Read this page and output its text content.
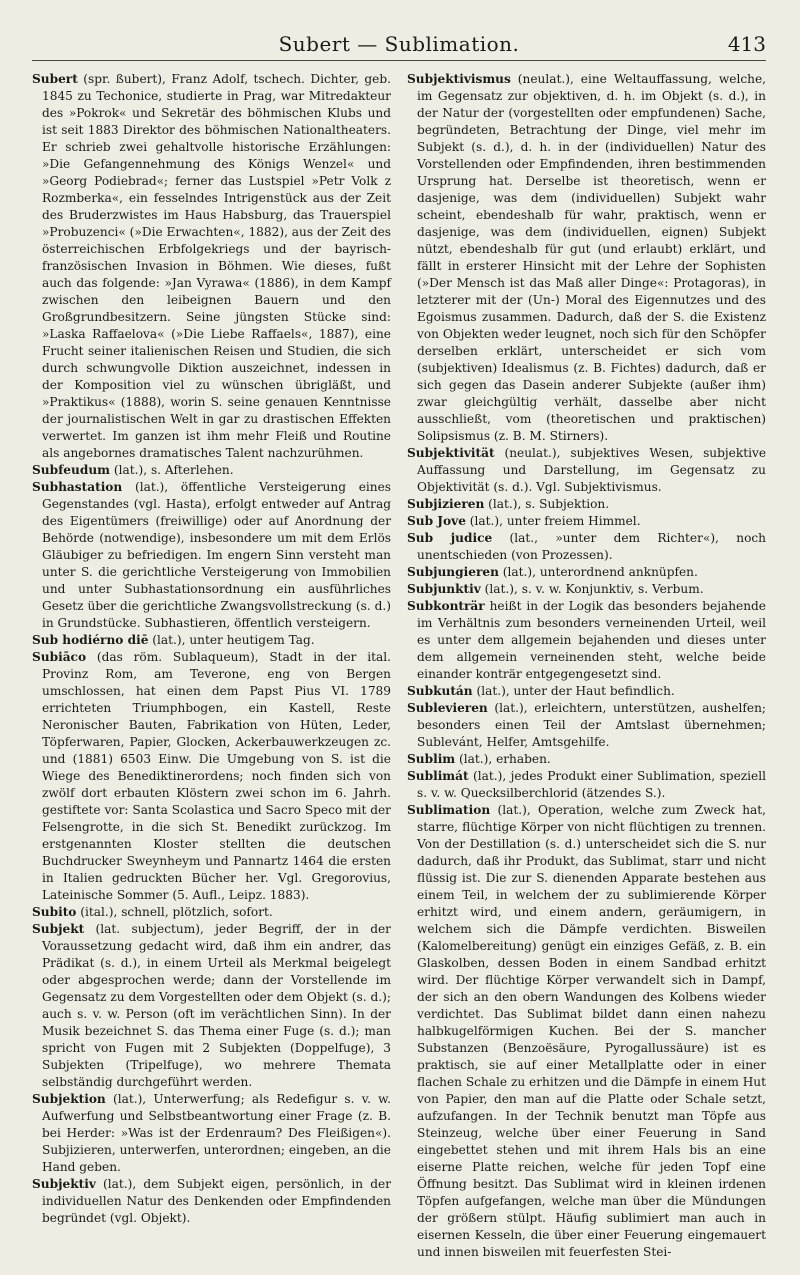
Subert — Sublimation.	413

Subert (spr. ßubert), Franz Adolf, tschech. Dichter, geb. 1845 zu Techonice, studierte in Prag, war Mitredakteur des »Pokrok« und Sekretär des böhmischen Klubs und ist seit 1883 Direktor des böhmischen Nationaltheaters. Er schrieb zwei gehaltvolle historische Erzählungen: »Die Gefangennehmung des Königs Wenzel« und »Georg Podiebrad«; ferner das Lustspiel »Petr Volk z Rozmberka«, ein fesselndes Intrigenstück aus der Zeit des Bruderzwistes im Haus Habsburg, das Trauerspiel »Probuzenci« (»Die Erwachten«, 1882), aus der Zeit des österreichischen Erbfolgekriegs und der bayrisch-französischen Invasion in Böhmen. Wie dieses, fußt auch das folgende: »Jan Vyrawa« (1886), in dem Kampf zwischen den leibeignen Bauern und den Großgrundbesitzern. Seine jüngsten Stücke sind: »Laska Raffaelova« (»Die Liebe Raffaels«, 1887), eine Frucht seiner italienischen Reisen und Studien, die sich durch schwungvolle Diktion auszeichnet, indessen in der Komposition viel zu wünschen übrigläßt, und »Praktikus« (1888), worin S. seine genauen Kenntnisse der journalistischen Welt in gar zu drastischen Effekten verwertet. Im ganzen ist ihm mehr Fleiß und Routine als angebornes dramatisches Talent nachzurühmen.

Subfeudum (lat.), s. Afterlehen.

Subhastation (lat.), öffentliche Versteigerung eines Gegenstandes (vgl. Hasta), erfolgt entweder auf Antrag des Eigentümers (freiwillige) oder auf Anordnung der Behörde (notwendige), insbesondere um mit dem Erlös Gläubiger zu befriedigen. Im engern Sinn versteht man unter S. die gerichtliche Versteigerung von Immobilien und unter Subhastationsordnung ein ausführliches Gesetz über die gerichtliche Zwangsvollstreckung (s. d.) in Grundstücke. Subhastieren, öffentlich versteigern.

Sub hodiérno diē (lat.), unter heutigem Tag.

Subiāco (das röm. Sublaqueum), Stadt in der ital. Provinz Rom, am Teverone, eng von Bergen umschlossen, hat einen dem Papst Pius VI. 1789 errichteten Triumphbogen, ein Kastell, Reste Neronischer Bauten, Fabrikation von Hüten, Leder, Töpferwaren, Papier, Glocken, Ackerbauwerkzeugen zc. und (1881) 6503 Einw. Die Umgebung von S. ist die Wiege des Benediktinerordens; noch finden sich von zwölf dort erbauten Klöstern zwei schon im 6. Jahrh. gestiftete vor: Santa Scolastica und Sacro Speco mit der Felsengrotte, in die sich St. Benedikt zurückzog. Im erstgenannten Kloster stellten die deutschen Buchdrucker Sweynheym und Pannartz 1464 die ersten in Italien gedruckten Bücher her. Vgl. Gregorovius, Lateinische Sommer (5. Aufl., Leipz. 1883).

Subito (ital.), schnell, plötzlich, sofort.

Subjekt (lat. subjectum), jeder Begriff, der in der Voraussetzung gedacht wird, daß ihm ein andrer, das Prädikat (s. d.), in einem Urteil als Merkmal beigelegt oder abgesprochen werde; dann der Vorstellende im Gegensatz zu dem Vorgestellten oder dem Objekt (s. d.); auch s. v. w. Person (oft im verächtlichen Sinn). In der Musik bezeichnet S. das Thema einer Fuge (s. d.); man spricht von Fugen mit 2 Subjekten (Doppelfuge), 3 Subjekten (Tripelfuge), wo mehrere Themata selbständig durchgeführt werden.

Subjektion (lat.), Unterwerfung; als Redefigur s. v. w. Aufwerfung und Selbstbeantwortung einer Frage (z. B. bei Herder: »Was ist der Erdenraum? Des Fleißigen«). Subjizieren, unterwerfen, unterordnen; eingeben, an die Hand geben.

Subjektiv (lat.), dem Subjekt eigen, persönlich, in der individuellen Natur des Denkenden oder Empfindenden begründet (vgl. Objekt).

Subjektivismus (neulat.), eine Weltauffassung, welche, im Gegensatz zur objektiven, d. h. im Objekt (s. d.), in der Natur der (vorgestellten oder empfundenen) Sache, begründeten, Betrachtung der Dinge, viel mehr im Subjekt (s. d.), d. h. in der (individuellen) Natur des Vorstellenden oder Empfindenden, ihren bestimmenden Ursprung hat. Derselbe ist theoretisch, wenn er dasjenige, was dem (individuellen) Subjekt wahr scheint, ebendeshalb für wahr, praktisch, wenn er dasjenige, was dem (individuellen, eignen) Subjekt nützt, ebendeshalb für gut (und erlaubt) erklärt, und fällt in ersterer Hinsicht mit der Lehre der Sophisten (»Der Mensch ist das Maß aller Dinge«: Protagoras), in letzterer mit der (Un-) Moral des Eigennutzes und des Egoismus zusammen. Dadurch, daß der S. die Existenz von Objekten weder leugnet, noch sich für den Schöpfer derselben erklärt, unterscheidet er sich vom (subjektiven) Idealismus (z. B. Fichtes) dadurch, daß er sich gegen das Dasein anderer Subjekte (außer ihm) zwar gleichgültig verhält, dasselbe aber nicht ausschließt, vom (theoretischen und praktischen) Solipsismus (z. B. M. Stirners).

Subjektivität (neulat.), subjektives Wesen, subjektive Auffassung und Darstellung, im Gegensatz zu Objektivität (s. d.). Vgl. Subjektivismus.

Subjizieren (lat.), s. Subjektion.

Sub Jove (lat.), unter freiem Himmel.

Sub judice (lat., »unter dem Richter«), noch unentschieden (von Prozessen).

Subjungieren (lat.), unterordnend anknüpfen.

Subjunktiv (lat.), s. v. w. Konjunktiv, s. Verbum.

Subkonträr heißt in der Logik das besonders bejahende im Verhältnis zum besonders verneinenden Urteil, weil es unter dem allgemein bejahenden und dieses unter dem allgemein verneinenden steht, welche beide einander konträr entgegengesetzt sind.

Subkután (lat.), unter der Haut befindlich.

Sublevieren (lat.), erleichtern, unterstützen, aushelfen; besonders einen Teil der Amtslast übernehmen; Sublevánt, Helfer, Amtsgehilfe.

Sublim (lat.), erhaben.

Sublimát (lat.), jedes Produkt einer Sublimation, speziell s. v. w. Quecksilberchlorid (ätzendes S.).

Sublimation (lat.), Operation, welche zum Zweck hat, starre, flüchtige Körper von nicht flüchtigen zu trennen. Von der Destillation (s. d.) unterscheidet sich die S. nur dadurch, daß ihr Produkt, das Sublimat, starr und nicht flüssig ist. Die zur S. dienenden Apparate bestehen aus einem Teil, in welchem der zu sublimierende Körper erhitzt wird, und einem andern, geräumigern, in welchem sich die Dämpfe verdichten. Bisweilen (Kalomelbereitung) genügt ein einziges Gefäß, z. B. ein Glaskolben, dessen Boden in einem Sandbad erhitzt wird. Der flüchtige Körper verwandelt sich in Dampf, der sich an den obern Wandungen des Kolbens wieder verdichtet. Das Sublimat bildet dann einen nahezu halbkugelförmigen Kuchen. Bei der S. mancher Substanzen (Benzoësäure, Pyrogallussäure) ist es praktisch, sie auf einer Metallplatte oder in einer flachen Schale zu erhitzen und die Dämpfe in einem Hut von Papier, den man auf die Platte oder Schale setzt, aufzufangen. In der Technik benutzt man Töpfe aus Steinzeug, welche über einer Feuerung in Sand eingebettet stehen und mit ihrem Hals bis an eine eiserne Platte reichen, welche für jeden Topf eine Öffnung besitzt. Das Sublimat wird in kleinen irdenen Töpfen aufgefangen, welche man über die Mündungen der größern stülpt. Häufig sublimiert man auch in eisernen Kesseln, die über einer Feuerung eingemauert und innen bisweilen mit feuerfesten Stei-
